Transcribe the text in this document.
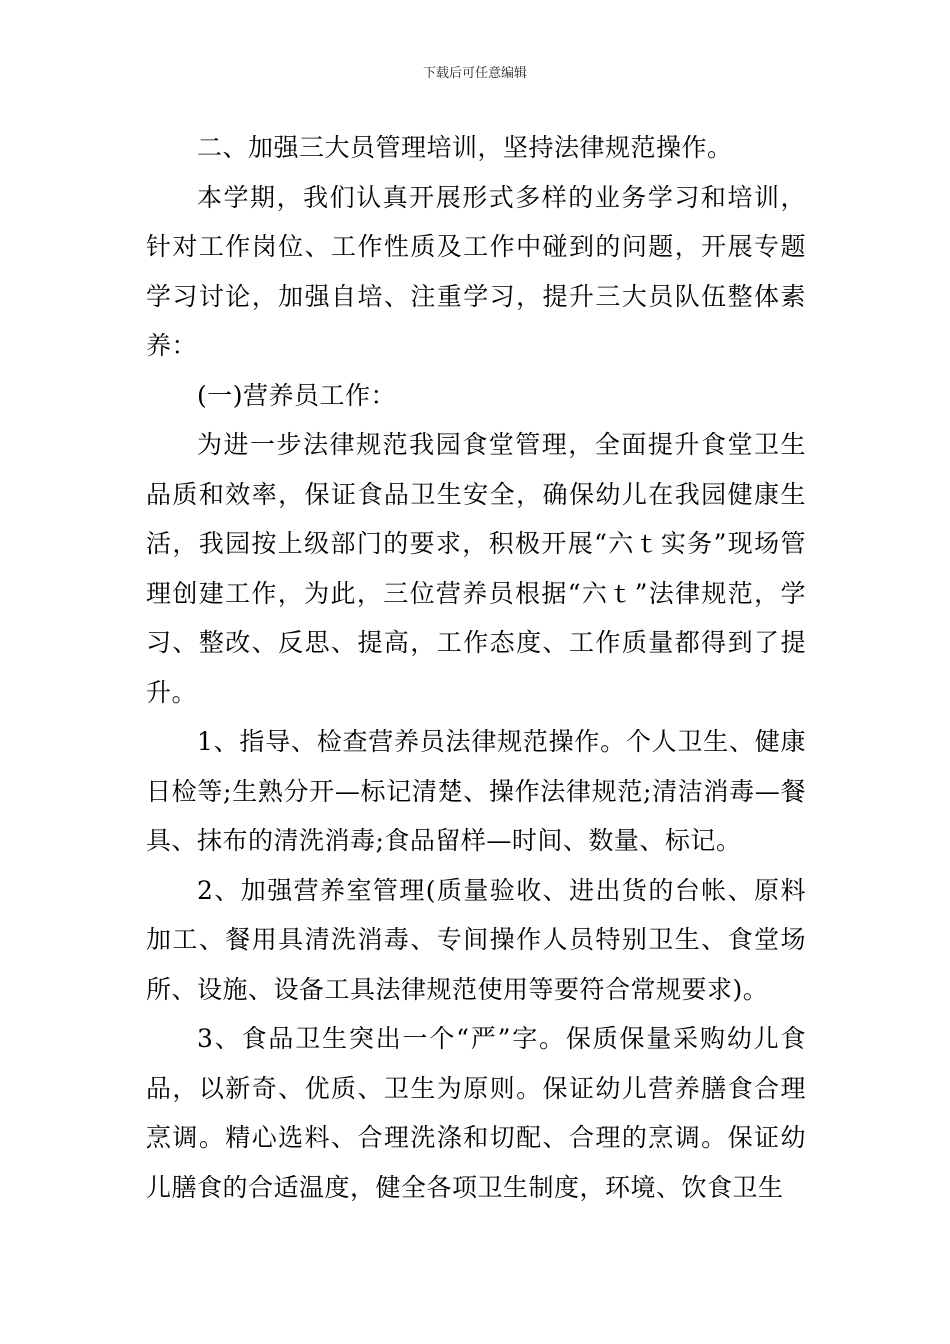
下载后可任意编辑

二、加强三大员管理培训，坚持法律规范操作。

本学期，我们认真开展形式多样的业务学习和培训，针对工作岗位、工作性质及工作中碰到的问题，开展专题学习讨论，加强自培、注重学习，提升三大员队伍整体素养：

(一)营养员工作：

为进一步法律规范我园食堂管理，全面提升食堂卫生品质和效率，保证食品卫生安全，确保幼儿在我园健康生活，我园按上级部门的要求，积极开展“六ｔ实务”现场管理创建工作，为此，三位营养员根据“六ｔ”法律规范，学习、整改、反思、提高，工作态度、工作质量都得到了提升。

1、指导、检查营养员法律规范操作。个人卫生、健康日检等;生熟分开—标记清楚、操作法律规范;清洁消毒—餐具、抹布的清洗消毒;食品留样—时间、数量、标记。

2、加强营养室管理(质量验收、进出货的台帐、原料加工、餐用具清洗消毒、专间操作人员特别卫生、食堂场所、设施、设备工具法律规范使用等要符合常规要求)。

3、食品卫生突出一个“严”字。保质保量采购幼儿食品，以新奇、优质、卫生为原则。保证幼儿营养膳食合理烹调。精心选料、合理洗涤和切配、合理的烹调。保证幼儿膳食的合适温度，健全各项卫生制度，环境、饮食卫生
